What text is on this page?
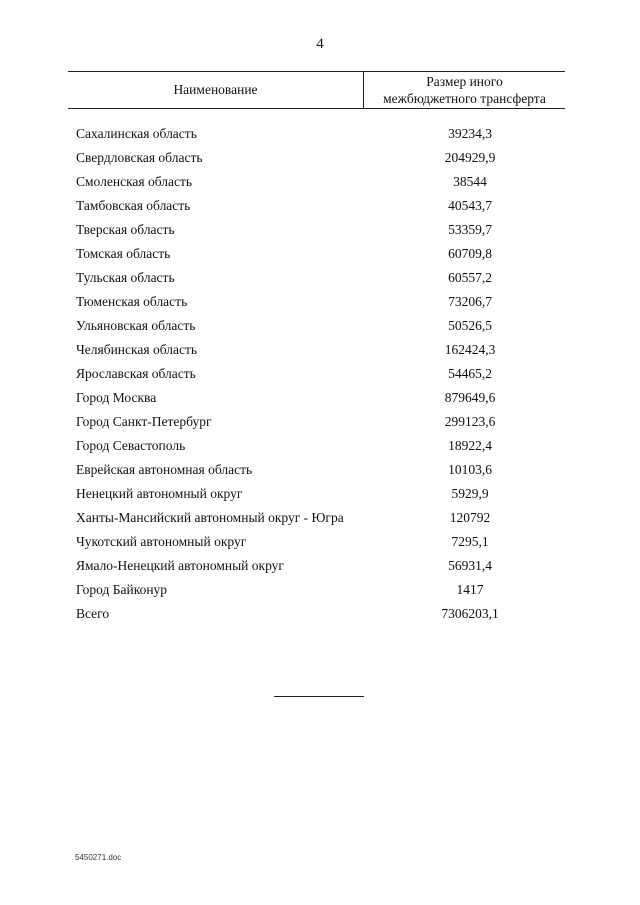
4
Наименование
Размер иного
межбюджетного трансферта
Сахалинская область	39234,3
Свердловская область	204929,9
Смоленская область	38544
Тамбовская область	40543,7
Тверская область	53359,7
Томская область	60709,8
Тульская область	60557,2
Тюменская область	73206,7
Ульяновская область	50526,5
Челябинская область	162424,3
Ярославская область	54465,2
Город Москва	879649,6
Город Санкт-Петербург	299123,6
Город Севастополь	18922,4
Еврейская автономная область	10103,6
Ненецкий автономный округ	5929,9
Ханты-Мансийский автономный округ - Югра	120792
Чукотский автономный округ	7295,1
Ямало-Ненецкий автономный округ	56931,4
Город Байконур	1417
Всего	7306203,1
5450271.doc
